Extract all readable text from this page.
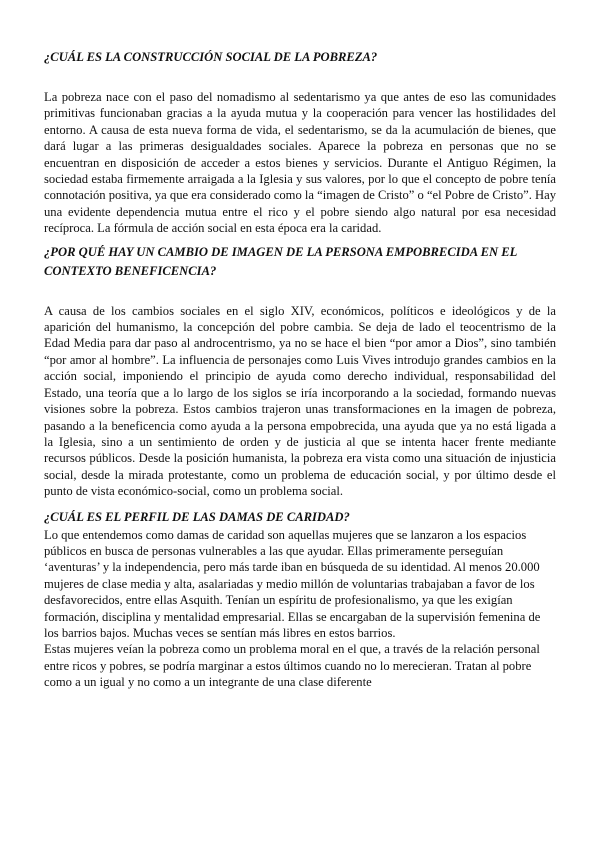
¿CUÁL ES LA CONSTRUCCIÓN SOCIAL DE LA POBREZA?

La pobreza nace con el paso del nomadismo al sedentarismo ya que antes de eso las comunidades primitivas funcionaban gracias a la ayuda mutua y la cooperación para vencer las hostilidades del entorno. A causa de esta nueva forma de vida, el sedentarismo, se da la acumulación de bienes, que dará lugar a las primeras desigualdades sociales. Aparece la pobreza en personas que no se encuentran en disposición de acceder a estos bienes y servicios. Durante el Antiguo Régimen, la sociedad estaba firmemente arraigada a la Iglesia y sus valores, por lo que el concepto de pobre tenía connotación positiva, ya que era considerado como la “imagen de Cristo” o “el Pobre de Cristo”. Hay una evidente dependencia mutua entre el rico y el pobre siendo algo natural por esa necesidad recíproca. La fórmula de acción social en esta época era la caridad.

¿POR QUÉ HAY UN CAMBIO DE IMAGEN DE LA PERSONA EMPOBRECIDA EN EL CONTEXTO BENEFICENCIA?

A causa de los cambios sociales en el siglo XIV, económicos, políticos e ideológicos y de la aparición del humanismo, la concepción del pobre cambia. Se deja de lado el teocentrismo de la Edad Media para dar paso al androcentrismo, ya no se hace el bien “por amor a Dios”, sino también “por amor al hombre”. La influencia de personajes como Luis Vives introdujo grandes cambios en la acción social, imponiendo el principio de ayuda como derecho individual, responsabilidad del Estado, una teoría que a lo largo de los siglos se iría incorporando a la sociedad, formando nuevas visiones sobre la pobreza. Estos cambios trajeron unas transformaciones en la imagen de pobreza, pasando a la beneficencia como ayuda a la persona empobrecida, una ayuda que ya no está ligada a la Iglesia, sino a un sentimiento de orden y de justicia al que se intenta hacer frente mediante recursos públicos. Desde la posición humanista, la pobreza era vista como una situación de injusticia social, desde la mirada protestante, como un problema de educación social, y por último desde el punto de vista económico-social, como un problema social.

¿CUÁL ES EL PERFIL DE LAS DAMAS DE CARIDAD?

Lo que entendemos como damas de caridad son aquellas mujeres que se lanzaron a los espacios públicos en busca de personas vulnerables a las que ayudar. Ellas primeramente perseguían ‘aventuras’ y la independencia, pero más tarde iban en búsqueda de su identidad. Al menos 20.000 mujeres de clase media y alta, asalariadas y medio millón de voluntarias trabajaban a favor de los desfavorecidos, entre ellas Asquith. Tenían un espíritu de profesionalismo, ya que les exigían formación, disciplina y mentalidad empresarial. Ellas se encargaban de la supervisión femenina de los barrios bajos. Muchas veces se sentían más libres en estos barrios.

Estas mujeres veían la pobreza como un problema moral en el que, a través de la relación personal entre ricos y pobres, se podría marginar a estos últimos cuando no lo merecieran. Tratan al pobre como a un igual y no como a un integrante de una clase diferente
